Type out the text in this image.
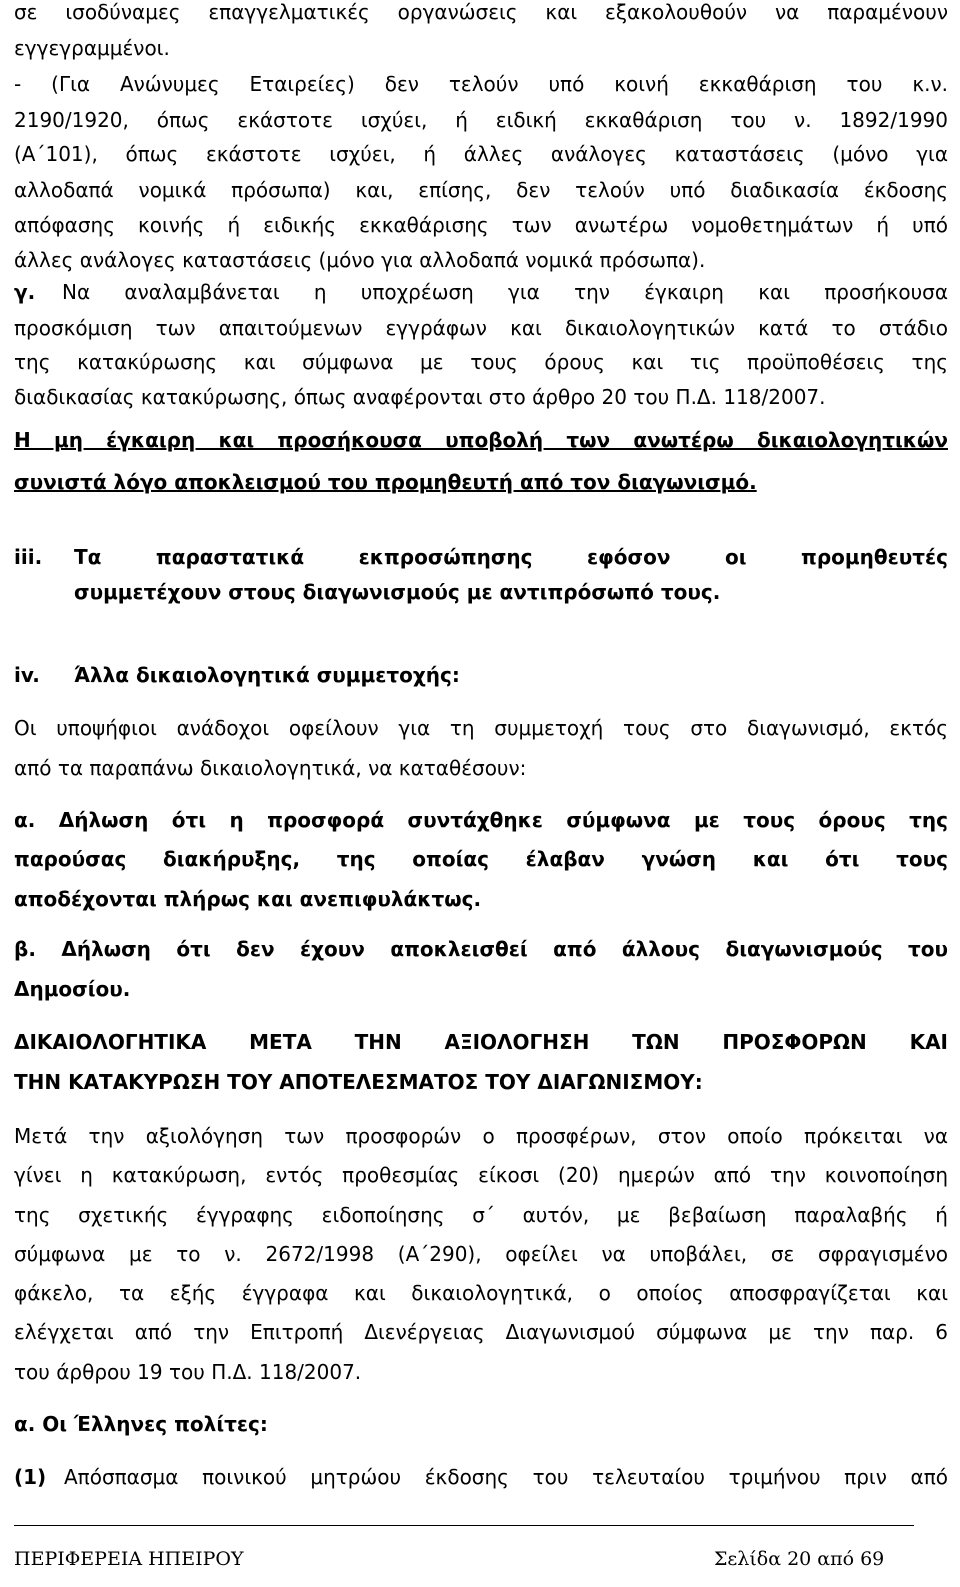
σε ισοδύναμες επαγγελματικές οργανώσεις και εξακολουθούν να παραμένουν
εγγεγραμμένοι.
- (Για Ανώνυμες Εταιρείες) δεν τελούν υπό κοινή εκκαθάριση του κ.ν.
2190/1920, όπως εκάστοτε ισχύει, ή ειδική εκκαθάριση του ν. 1892/1990
(Α΄101), όπως εκάστοτε ισχύει, ή άλλες ανάλογες καταστάσεις (μόνο για
αλλοδαπά νομικά πρόσωπα) και, επίσης, δεν τελούν υπό διαδικασία έκδοσης
απόφασης κοινής ή ειδικής εκκαθάρισης των ανωτέρω νομοθετημάτων ή υπό
άλλες ανάλογες καταστάσεις (μόνο για αλλοδαπά νομικά πρόσωπα).
γ. Να αναλαμβάνεται η υποχρέωση για την έγκαιρη και προσήκουσα
προσκόμιση των απαιτούμενων εγγράφων και δικαιολογητικών κατά το στάδιο
της κατακύρωσης και σύμφωνα με τους όρους και τις προϋποθέσεις της
διαδικασίας κατακύρωσης, όπως αναφέρονται στο άρθρο 20 του Π.Δ. 118/2007.
Η μη έγκαιρη και προσήκουσα υποβολή των ανωτέρω δικαιολογητικών
συνιστά λόγο αποκλεισμού του προμηθευτή από τον διαγωνισμό.
iii. Τα παραστατικά εκπροσώπησης εφόσον οι προμηθευτές
συμμετέχουν στους διαγωνισμούς με αντιπρόσωπό τους.
iv. Άλλα δικαιολογητικά συμμετοχής:
Οι υποψήφιοι ανάδοχοι οφείλουν για τη συμμετοχή τους στο διαγωνισμό, εκτός
από τα παραπάνω δικαιολογητικά, να καταθέσουν:
α. Δήλωση ότι η προσφορά συντάχθηκε σύμφωνα με τους όρους της
παρούσας διακήρυξης, της οποίας έλαβαν γνώση και ότι τους
αποδέχονται πλήρως και ανεπιφυλάκτως.
β. Δήλωση ότι δεν έχουν αποκλεισθεί από άλλους διαγωνισμούς του
Δημοσίου.
ΔΙΚΑΙΟΛΟΓΗΤΙΚΑ ΜΕΤΑ ΤΗΝ ΑΞΙΟΛΟΓΗΣΗ ΤΩΝ ΠΡΟΣΦΟΡΩΝ ΚΑΙ
ΤΗΝ ΚΑΤΑΚΥΡΩΣΗ ΤΟΥ ΑΠΟΤΕΛΕΣΜΑΤΟΣ ΤΟΥ ΔΙΑΓΩΝΙΣΜΟΥ:
Μετά την αξιολόγηση των προσφορών ο προσφέρων, στον οποίο πρόκειται να
γίνει η κατακύρωση, εντός προθεσμίας είκοσι (20) ημερών από την κοινοποίηση
της σχετικής έγγραφης ειδοποίησης σ΄ αυτόν, με βεβαίωση παραλαβής ή
σύμφωνα με το ν. 2672/1998 (Α΄290), οφείλει να υποβάλει, σε σφραγισμένο
φάκελο, τα εξής έγγραφα και δικαιολογητικά, ο οποίος αποσφραγίζεται και
ελέγχεται από την Επιτροπή Διενέργειας Διαγωνισμού σύμφωνα με την παρ. 6
του άρθρου 19 του Π.Δ. 118/2007.
α. Οι Έλληνες πολίτες:
(1) Απόσπασμα ποινικού μητρώου έκδοσης του τελευταίου τριμήνου πριν από
ΠΕΡΙΦΕΡΕΙΑ ΗΠΕΙΡΟΥ	Σελίδα 20 από 69
